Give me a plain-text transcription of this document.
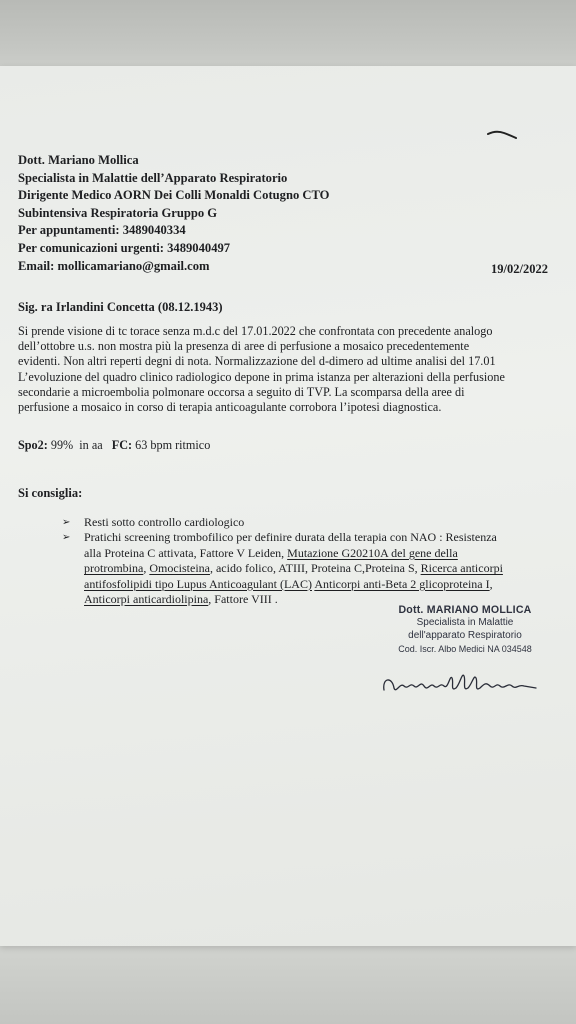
Dott. Mariano Mollica
Specialista in Malattie dell’Apparato Respiratorio
Dirigente Medico AORN Dei Colli Monaldi Cotugno CTO
Subintensiva Respiratoria Gruppo G
Per appuntamenti: 3489040334
Per comunicazioni urgenti: 3489040497
Email: mollicamariano@gmail.com	19/02/2022
Sig. ra Irlandini Concetta (08.12.1943)
Si prende visione di tc torace senza m.d.c del 17.01.2022 che confrontata con precedente analogo
dell’ottobre u.s. non mostra più la presenza di aree di perfusione a mosaico precedentemente
evidenti. Non altri reperti degni di nota. Normalizzazione del d-dimero ad ultime analisi del 17.01
L’evoluzione del quadro clinico radiologico depone in prima istanza per alterazioni della perfusione
secondarie a microembolia polmonare occorsa a seguito di TVP. La scomparsa della aree di
perfusione a mosaico in corso di terapia anticoagulante corrobora l’ipotesi diagnostica.
Spo2: 99%  in aa   FC: 63 bpm ritmico
Si consiglia:
➢ Resti sotto controllo cardiologico
➢ Pratichi screening trombofilico per definire durata della terapia con NAO : Resistenza
alla Proteina C attivata, Fattore V Leiden, Mutazione G20210A del gene della
protrombina, Omocisteina, acido folico, ATIII, Proteina C,Proteina S, Ricerca anticorpi
antifosfolipidi tipo Lupus Anticoagulant (LAC) Anticorpi anti-Beta 2 glicoproteina I,
Anticorpi anticardiolipina, Fattore VIII .
Dott. MARIANO MOLLICA
Specialista in Malattie
dell'apparato Respiratorio
Cod. Iscr. Albo Medici NA 034548
